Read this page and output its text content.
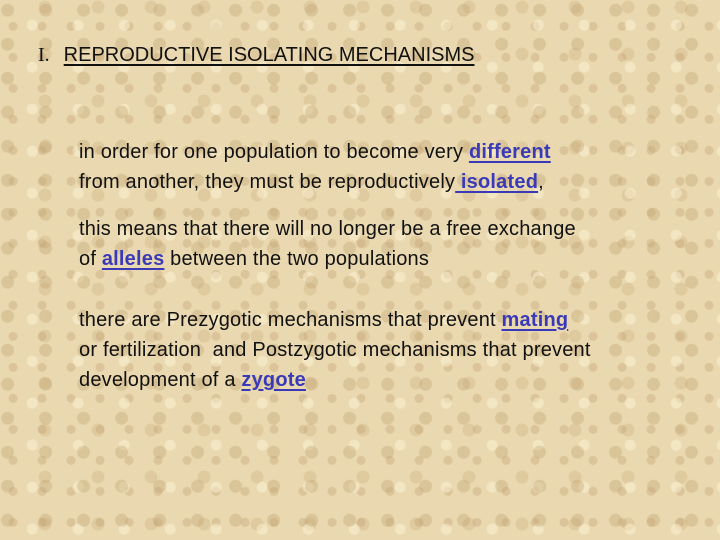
I. REPRODUCTIVE ISOLATING MECHANISMS
in order for one population to become very different
from another, they must be reproductively isolated,
this means that there will no longer be a free exchange
of alleles between the two populations
there are Prezygotic mechanisms that prevent mating
or fertilization  and Postzygotic mechanisms that prevent
development of a zygote
